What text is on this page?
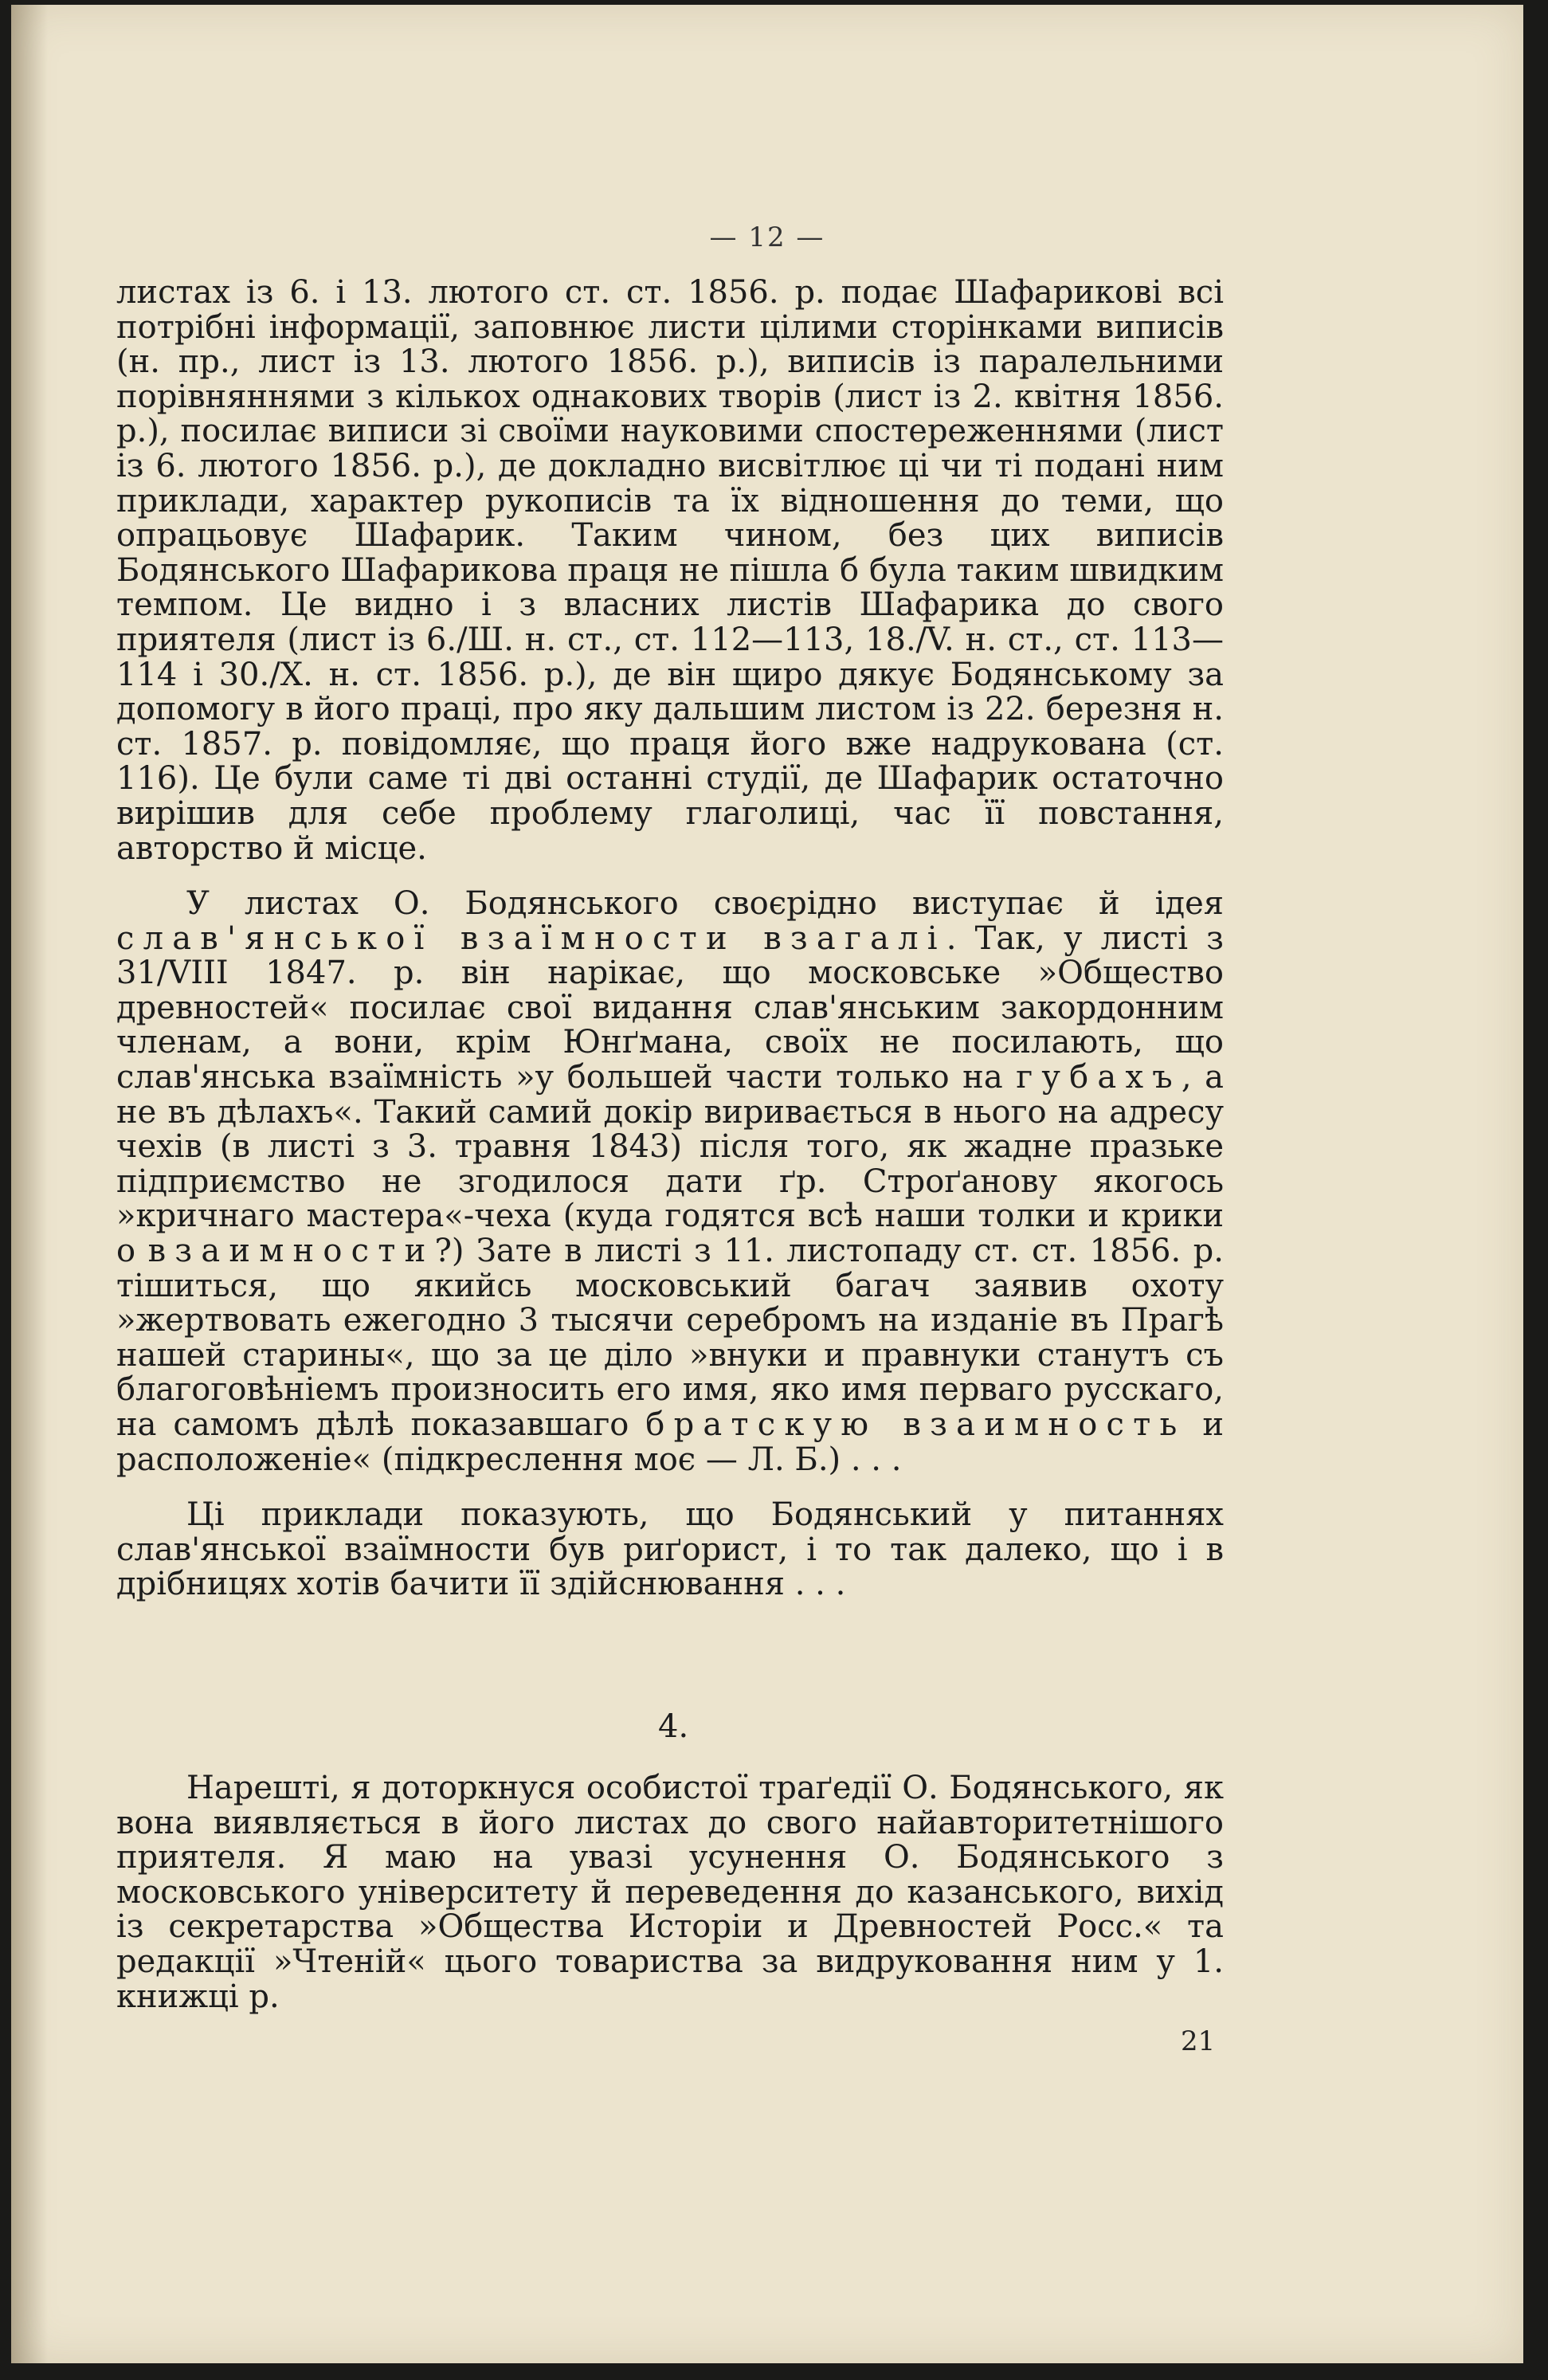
— 12 —

листах із 6. і 13. лютого ст. ст. 1856. р. подає Шафарикові всі потрібні інформації, заповнює листи цілими сторінками виписів (н. пр., лист із 13. лютого 1856. р.), виписів із паралельними порівняннями з кількох однакових творів (лист із 2. квітня 1856. р.), посилає виписи зі своїми науковими спостереженнями (лист із 6. лютого 1856. р.), де докладно висвітлює ці чи ті подані ним приклади, характер рукописів та їх відношення до теми, що опрацьовує Шафарик. Таким чином, без цих виписів Бодянського Шафарикова праця не пішла б була таким швидким темпом. Це видно і з власних листів Шафарика до свого приятеля (лист із 6./Ш. н. ст., ст. 112—113, 18./V. н. ст., ст. 113—114 і 30./Х. н. ст. 1856. р.), де він щиро дякує Бодянському за допомогу в його праці, про яку дальшим листом із 22. березня н. ст. 1857. р. повідомляє, що праця його вже надрукована (ст. 116). Це були саме ті дві останні студії, де Шафарик остаточно вирішив для себе проблему глаголиці, час її повстання, авторство й місце.

У листах О. Бодянського своєрідно виступає й ідея слав'янської взаїмности взагалі. Так, у листі з 31/VIII 1847. р. він нарікає, що московське »Общество древностей« посилає свої видання слав'янським закордонним членам, а вони, крім Юнґмана, своїх не посилають, що слав'янська взаїмність »у большей части только на губахъ, а не въ дѣлахъ«. Такий самий докір виривається в нього на адресу чехів (в листі з 3. травня 1843) після того, як жадне празьке підприємство не згодилося дати ґр. Строґанову якогось »кричнаго мастера«-чеха (куда годятся всѣ наши толки и крики о взаимности?) Зате в листі з 11. листопаду ст. ст. 1856. р. тішиться, що якийсь московський багач заявив охоту »жертвовать ежегодно 3 тысячи серебромъ на изданіе въ Прагѣ нашей старины«, що за це діло »внуки и правнуки станутъ съ благоговѣніемъ произносить его имя, яко имя перваго русскаго, на самомъ дѣлѣ показавшаго братскую взаимность и расположеніе« (підкреслення моє — Л. Б.) . . .

Ці приклади показують, що Бодянський у питаннях слав'янської взаїмности був риґорист, і то так далеко, що і в дрібницях хотів бачити її здійснювання . . .

4.

Нарешті, я доторкнуся особистої траґедії О. Бодянського, як вона виявляється в його листах до свого найавторитетнішого приятеля. Я маю на увазі усунення О. Бодянського з московського університету й переведення до казанського, вихід із секретарства »Общества Исторіи и Древностей Росс.« та редакції »Чтеній« цього товариства за видруковання ним у 1. книжці р.

21
